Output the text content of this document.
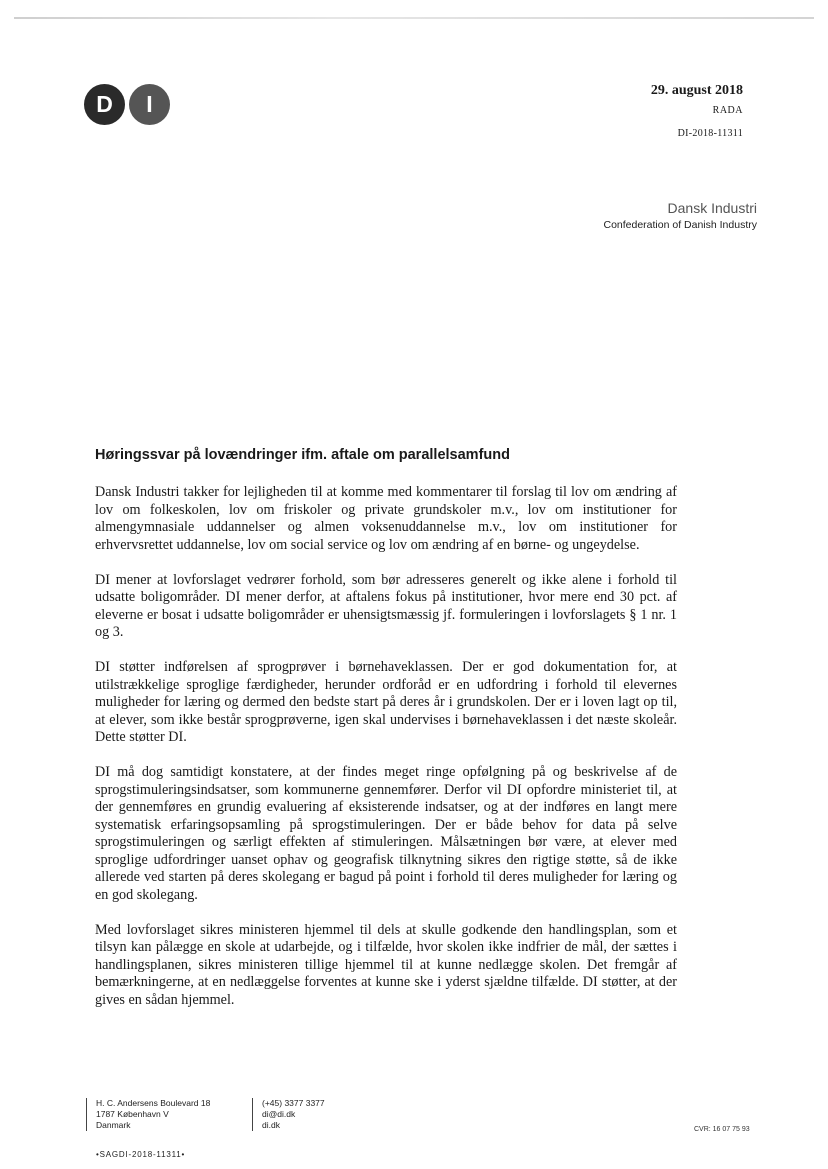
D	I
29. august 2018
RADA
DI-2018-11311
Dansk Industri
Confederation of Danish Industry
Høringssvar på lovændringer ifm. aftale om parallelsamfund

Dansk Industri takker for lejligheden til at komme med kommentarer til forslag til lov om ændring af lov om folkeskolen, lov om friskoler og private grundskoler m.v., lov om institutioner for almengymnasiale uddannelser og almen voksenuddannelse m.v., lov om institutioner for erhvervsrettet uddannelse, lov om social service og lov om ændring af en børne- og ungeydelse.

DI mener at lovforslaget vedrører forhold, som bør adresseres generelt og ikke alene i forhold til udsatte boligområder. DI mener derfor, at aftalens fokus på institutioner, hvor mere end 30 pct. af eleverne er bosat i udsatte boligområder er uhensigtsmæssig jf. formuleringen i lovforslagets § 1 nr. 1 og 3.

DI støtter indførelsen af sprogprøver i børnehaveklassen. Der er god dokumentation for, at utilstrækkelige sproglige færdigheder, herunder ordforåd er en udfordring i forhold til elevernes muligheder for læring og dermed den bedste start på deres år i grundskolen. Der er i loven lagt op til, at elever, som ikke består sprogprøverne, igen skal undervises i børnehaveklassen i det næste skoleår. Dette støtter DI.

DI må dog samtidigt konstatere, at der findes meget ringe opfølgning på og beskrivelse af de sprogstimuleringsindsatser, som kommunerne gennemfører. Derfor vil DI opfordre ministeriet til, at der gennemføres en grundig evaluering af eksisterende indsatser, og at der indføres en langt mere systematisk erfaringsopsamling på sprogstimuleringen. Der er både behov for data på selve sprogstimuleringen og særligt effekten af stimuleringen. Målsætningen bør være, at elever med sproglige udfordringer uanset ophav og geografisk tilknytning sikres den rigtige støtte, så de ikke allerede ved starten på deres skolegang er bagud på point i forhold til deres muligheder for læring og en god skolegang.

Med lovforslaget sikres ministeren hjemmel til dels at skulle godkende den handlingsplan, som et tilsyn kan pålægge en skole at udarbejde, og i tilfælde, hvor skolen ikke indfrier de mål, der sættes i handlingsplanen, sikres ministeren tillige hjemmel til at kunne nedlægge skolen. Det fremgår af bemærkningerne, at en nedlæggelse forventes at kunne ske i yderst sjældne tilfælde. DI støtter, at der gives en sådan hjemmel.

H. C. Andersens Boulevard 18
1787 København V
Danmark
(+45) 3377 3377
di@di.dk
di.dk	CVR: 16 07 75 93
•SAGDI-2018-11311•
